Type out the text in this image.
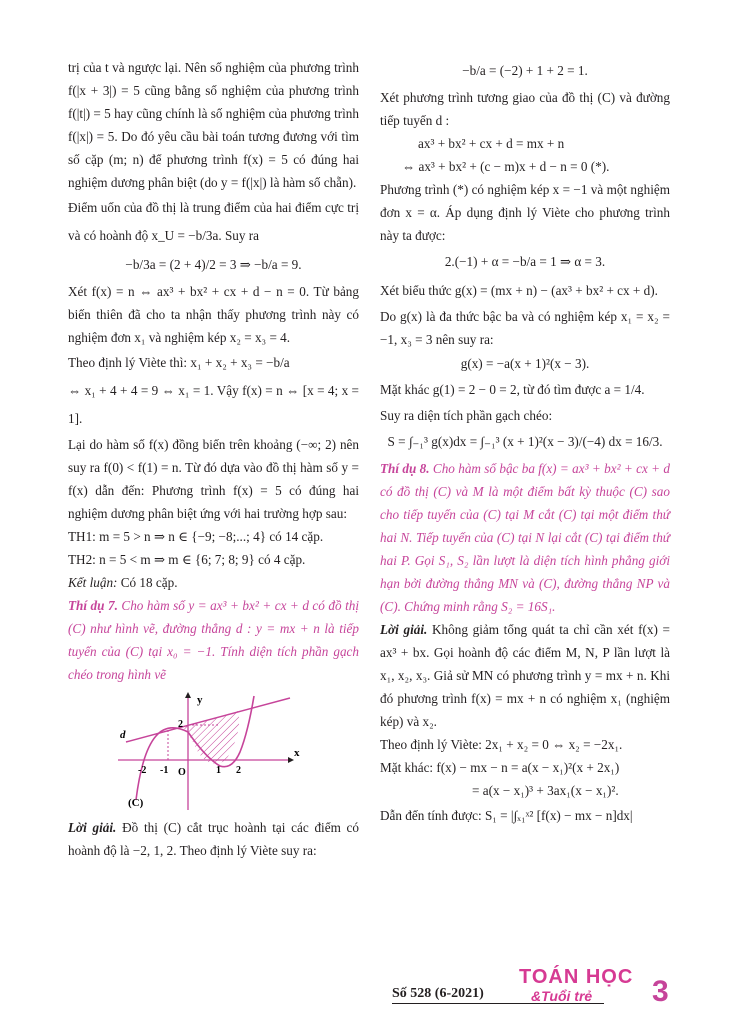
trị của t và ngược lại. Nên số nghiệm của phương trình f(|x + 3|) = 5 cũng bằng số nghiệm của phương trình f(|t|) = 5 hay cũng chính là số nghiệm của phương trình f(|x|) = 5. Do đó yêu cầu bài toán tương đương với tìm số cặp (m; n) để phương trình f(x) = 5 có đúng hai nghiệm dương phân biệt (do y = f(|x|) là hàm số chẵn).

Điểm uốn của đồ thị là trung điểm của hai điểm cực trị và có hoành độ x_U = −b/3a. Suy ra

−b/3a = (2 + 4)/2 = 3 ⇒ −b/a = 9.

Xét f(x) = n ⇔ ax³ + bx² + cx + d − n = 0. Từ bảng biến thiên đã cho ta nhận thấy phương trình này có nghiệm đơn x₁ và nghiệm kép x₂ = x₃ = 4.

Theo định lý Viète thì: x₁ + x₂ + x₃ = −b/a

⇔ x₁ + 4 + 4 = 9 ⇔ x₁ = 1. Vậy f(x) = n ⇔ [x = 4; x = 1].

Lại do hàm số f(x) đồng biến trên khoảng (−∞; 2) nên suy ra f(0) < f(1) = n. Từ đó dựa vào đồ thị hàm số y = f(x) dẫn đến: Phương trình f(x) = 5 có đúng hai nghiệm dương phân biệt ứng với hai trường hợp sau:

TH1: m = 5 > n ⇒ n ∈ {−9; −8;...; 4} có 14 cặp.

TH2: n = 5 < m ⇒ m ∈ {6; 7; 8; 9} có 4 cặp.

Kết luận: Có 18 cặp.

Thí dụ 7. Cho hàm số y = ax³ + bx² + cx + d có đồ thị (C) như hình vẽ, đường thẳng d : y = mx + n là tiếp tuyến của (C) tại x₀ = −1. Tính diện tích phần gạch chéo trong hình vẽ

y
x
d
(C)
O
-2 -1	1 2
2

Lời giải. Đồ thị (C) cắt trục hoành tại các điểm có hoành độ là −2, 1, 2. Theo định lý Viète suy ra:

−b/a = (−2) + 1 + 2 = 1.

Xét phương trình tương giao của đồ thị (C) và đường tiếp tuyến d :

ax³ + bx² + cx + d = mx + n

⇔ ax³ + bx² + (c − m)x + d − n = 0 (*).

Phương trình (*) có nghiệm kép x = −1 và một nghiệm đơn x = α. Áp dụng định lý Viète cho phương trình này ta được:

2.(−1) + α = −b/a = 1 ⇒ α = 3.

Xét biểu thức g(x) = (mx + n) − (ax³ + bx² + cx + d).

Do g(x) là đa thức bậc ba và có nghiệm kép x₁ = x₂ = −1, x₃ = 3 nên suy ra:

g(x) = −a(x + 1)²(x − 3).

Mặt khác g(1) = 2 − 0 = 2, từ đó tìm được a = 1/4.

Suy ra diện tích phần gạch chéo:

S = ∫₋₁³ g(x)dx = ∫₋₁³ (x + 1)²(x − 3)/(−4) dx = 16/3.

Thí dụ 8. Cho hàm số bậc ba f(x) = ax³ + bx² + cx + d có đồ thị (C) và M là một điểm bất kỳ thuộc (C) sao cho tiếp tuyến của (C) tại M cắt (C) tại một điểm thứ hai N. Tiếp tuyến của (C) tại N lại cắt (C) tại điểm thứ hai P. Gọi S₁, S₂ lần lượt là diện tích hình phẳng giới hạn bởi đường thẳng MN và (C), đường thẳng NP và (C). Chứng minh rằng S₂ = 16S₁.

Lời giải. Không giảm tổng quát ta chỉ cần xét f(x) = ax³ + bx. Gọi hoành độ các điểm M, N, P lần lượt là x₁, x₂, x₃. Giả sử MN có phương trình y = mx + n. Khi đó phương trình f(x) = mx + n có nghiệm x₁ (nghiệm kép) và x₂.

Theo định lý Viète: 2x₁ + x₂ = 0 ⇔ x₂ = −2x₁.

Mặt khác: f(x) − mx − n = a(x − x₁)²(x + 2x₁)

= a(x − x₁)³ + 3ax₁(x − x₁)².

Dẫn đến tính được: S₁ = |∫ₓ₁ˣ² [f(x) − mx − n]dx|

Số 528 (6-2021)
TOÁN HỌC
&Tuổi trẻ	3
